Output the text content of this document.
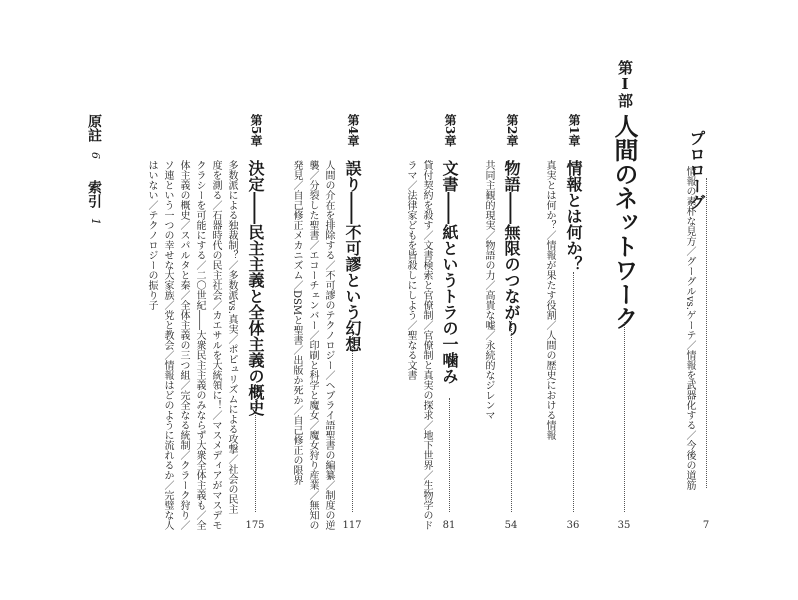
プロローグ
情報の素朴な見方／グーグルvs.ゲーテ／情報を武器化する／今後の道筋
7
第Ⅰ部
人間のネットワーク
35
第1章
情報とは何か？
真実とは何か？／情報が果たす役割／人間の歴史における情報
36
第2章
物語――無限のつながり
共同主観的現実／物語の力／高貴な嘘／永続的なジレンマ
54
第3章
文書――紙というトラの一噛み
貸付契約を殺す／文書検索と官僚制／官僚制と真実の探求／地下世界／生物学のド
ラマ／法律家どもを皆殺しにしよう／聖なる文書
81
第4章
誤り――不可謬という幻想
人間の介在を排除する／不可謬のテクノロジー／ヘブライ語聖書の編纂／制度の逆
襲／分裂した聖書／エコーチェンバー／印刷と科学と魔女／魔女狩り産業／無知の
発見／自己修正メカニズム／DSMと聖書／出版か死か／自己修正の限界
117
第5章
決定――民主主義と全体主義の概史
多数派による独裁制？／多数派vs.真実／ポピュリズムによる攻撃／社会の民主
度を測る／石器時代の民主社会／カエサルを大統領に！／マスメディアがマスデモ
クラシーを可能にする／二〇世紀――大衆民主主義のみならず大衆全体主義も／全
体主義の概史／スパルタと秦／全体主義の三つ組／完全なる統制／クラーク狩り／
ソ連という一つの幸せな大家族／党と教会／情報はどのように流れるか／完璧な人
はいない／テクノロジーの振り子
175
原註
6
索引
1
